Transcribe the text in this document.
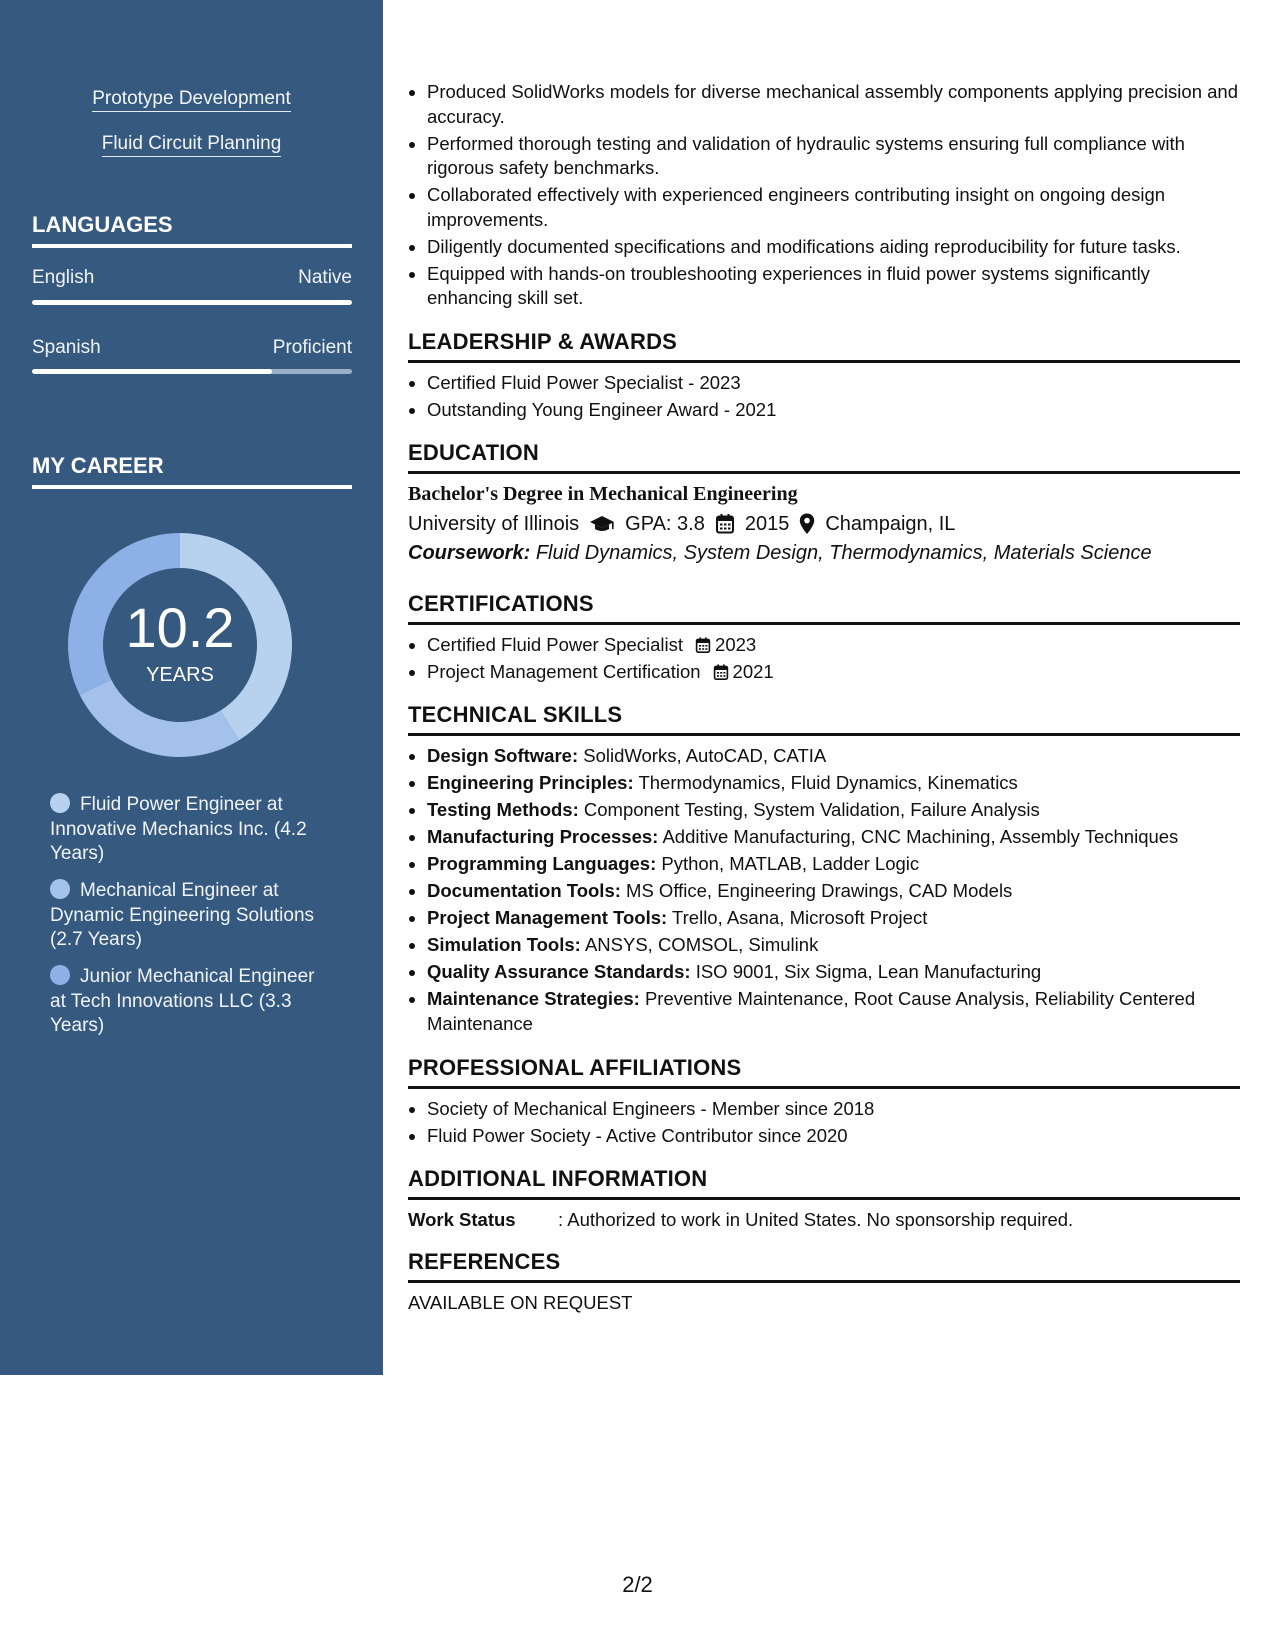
Prototype Development
Fluid Circuit Planning
LANGUAGES
English	Native
Spanish	Proficient
MY CAREER
10.2
YEARS
Fluid Power Engineer at Innovative Mechanics Inc. (4.2 Years)
Mechanical Engineer at Dynamic Engineering Solutions (2.7 Years)
Junior Mechanical Engineer at Tech Innovations LLC (3.3 Years)
• Produced SolidWorks models for diverse mechanical assembly components applying precision and accuracy.
• Performed thorough testing and validation of hydraulic systems ensuring full compliance with rigorous safety benchmarks.
• Collaborated effectively with experienced engineers contributing insight on ongoing design improvements.
• Diligently documented specifications and modifications aiding reproducibility for future tasks.
• Equipped with hands-on troubleshooting experiences in fluid power systems significantly enhancing skill set.
LEADERSHIP & AWARDS
• Certified Fluid Power Specialist - 2023
• Outstanding Young Engineer Award - 2021
EDUCATION
Bachelor's Degree in Mechanical Engineering
University of Illinois GPA: 3.8 2015 Champaign, IL
Coursework: Fluid Dynamics, System Design, Thermodynamics, Materials Science
CERTIFICATIONS
• Certified Fluid Power Specialist 2023
• Project Management Certification 2021
TECHNICAL SKILLS
• Design Software: SolidWorks, AutoCAD, CATIA
• Engineering Principles: Thermodynamics, Fluid Dynamics, Kinematics
• Testing Methods: Component Testing, System Validation, Failure Analysis
• Manufacturing Processes: Additive Manufacturing, CNC Machining, Assembly Techniques
• Programming Languages: Python, MATLAB, Ladder Logic
• Documentation Tools: MS Office, Engineering Drawings, CAD Models
• Project Management Tools: Trello, Asana, Microsoft Project
• Simulation Tools: ANSYS, COMSOL, Simulink
• Quality Assurance Standards: ISO 9001, Six Sigma, Lean Manufacturing
• Maintenance Strategies: Preventive Maintenance, Root Cause Analysis, Reliability Centered Maintenance
PROFESSIONAL AFFILIATIONS
• Society of Mechanical Engineers - Member since 2018
• Fluid Power Society - Active Contributor since 2020
ADDITIONAL INFORMATION
Work Status	: Authorized to work in United States. No sponsorship required.
REFERENCES
AVAILABLE ON REQUEST
2/2
